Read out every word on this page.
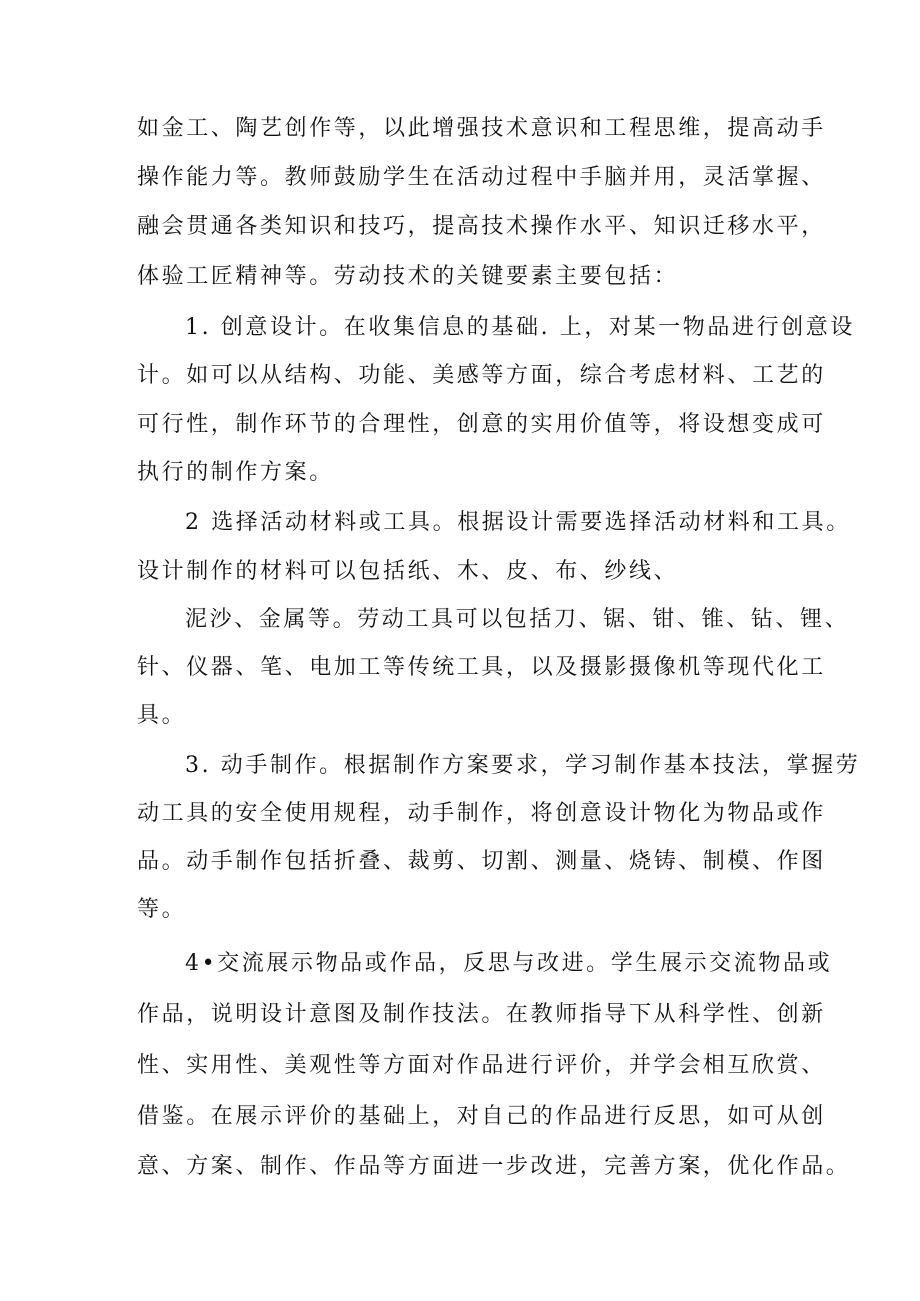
如金工、陶艺创作等，以此增强技术意识和工程思维，提高动手
操作能力等。教师鼓励学生在活动过程中手脑并用，灵活掌握、
融会贯通各类知识和技巧，提高技术操作水平、知识迁移水平，
体验工匠精神等。劳动技术的关键要素主要包括：
1. 创意设计。在收集信息的基础. 上，对某一物品进行创意设
计。如可以从结构、功能、美感等方面，综合考虑材料、工艺的
可行性，制作环节的合理性，创意的实用价值等，将设想变成可
执行的制作方案。
2 选择活动材料或工具。根据设计需要选择活动材料和工具。
设计制作的材料可以包括纸、木、皮、布、纱线、
泥沙、金属等。劳动工具可以包括刀、锯、钳、锥、钻、锂、
针、仪器、笔、电加工等传统工具，以及摄影摄像机等现代化工
具。
3. 动手制作。根据制作方案要求，学习制作基本技法，掌握劳
动工具的安全使用规程，动手制作，将创意设计物化为物品或作
品。动手制作包括折叠、裁剪、切割、测量、烧铸、制模、作图
等。
4•交流展示物品或作品，反思与改进。学生展示交流物品或
作品，说明设计意图及制作技法。在教师指导下从科学性、创新
性、实用性、美观性等方面对作品进行评价，并学会相互欣赏、
借鉴。在展示评价的基础上，对自己的作品进行反思，如可从创
意、方案、制作、作品等方面进一步改进，完善方案，优化作品。
